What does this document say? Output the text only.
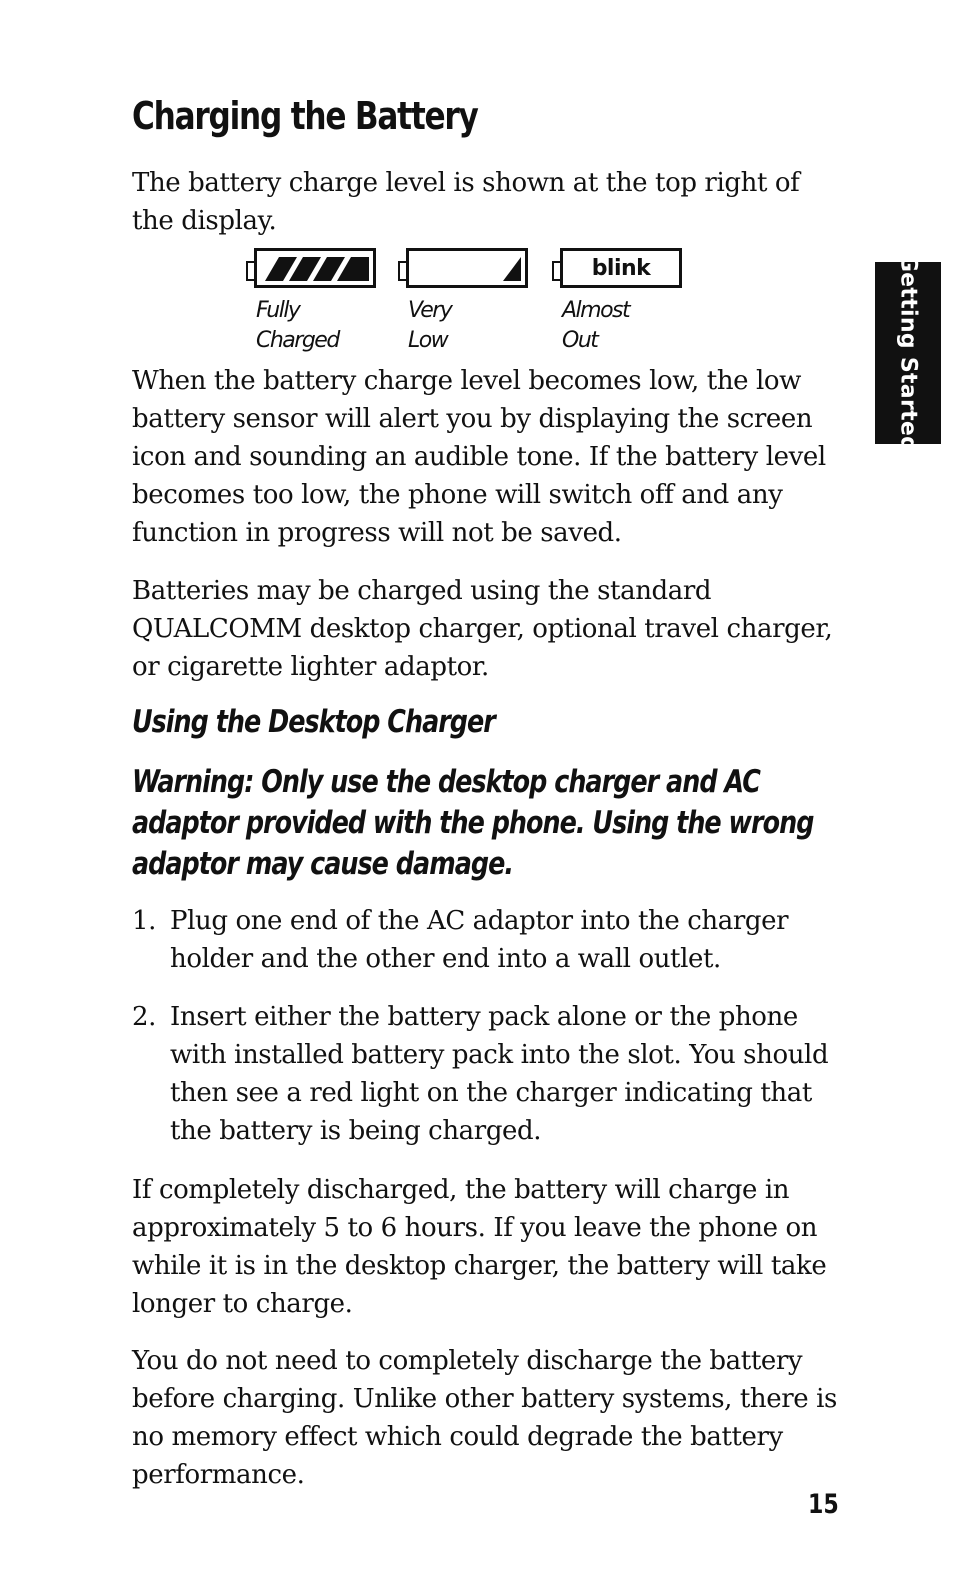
Charging the Battery

The battery charge level is shown at the top right of the display.

Fully
Charged
Very
Low
blink
Almost
Out

When the battery charge level becomes low, the low battery sensor will alert you by displaying the screen icon and sounding an audible tone. If the battery level becomes too low, the phone will switch off and any function in progress will not be saved.

Batteries may be charged using the standard QUALCOMM desktop charger, optional travel charger, or cigarette lighter adaptor.

Using the Desktop Charger

Warning: Only use the desktop charger and AC adaptor provided with the phone. Using the wrong adaptor may cause damage.

1. Plug one end of the AC adaptor into the charger holder and the other end into a wall outlet.
2. Insert either the battery pack alone or the phone with installed battery pack into the slot. You should then see a red light on the charger indicating that the battery is being charged.

If completely discharged, the battery will charge in approximately 5 to 6 hours. If you leave the phone on while it is in the desktop charger, the battery will take longer to charge.

You do not need to completely discharge the battery before charging. Unlike other battery systems, there is no memory effect which could degrade the battery performance.

Getting Started
15
